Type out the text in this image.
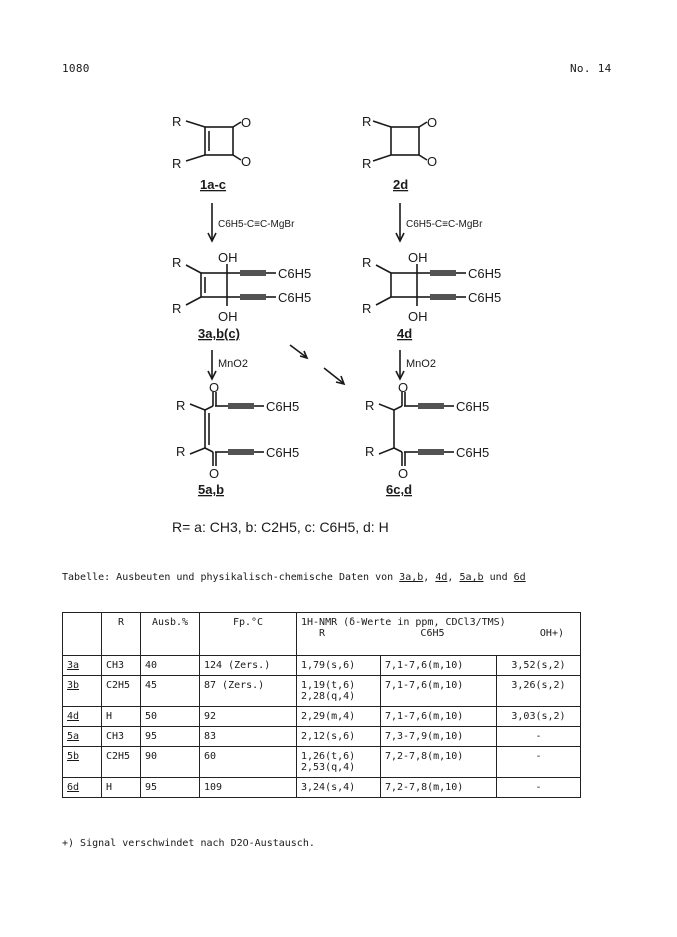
1080	No. 14
R
R
O
O
1a-c
R
R
O
O
2d
C6H5-C≡C-MgBr	C6H5-C≡C-MgBr
R
R
OH
OH
C6H5
C6H5
3a,b(c)
R
R
OH
OH
C6H5
C6H5
4d
MnO2	MnO2
R
R
O
O
C6H5
C6H5
5a,b
R
R
O
O
C6H5
C6H5
6c,d
R= a: CH3, b: C2H5, c: C6H5, d: H
Tabelle: Ausbeuten und physikalisch-chemische Daten von 3a,b, 4d, 5a,b und 6d
	R	Ausb.%	Fp.°C	1H-NMR (δ-Werte in ppm, CDCl3/TMS)
R C6H5 OH+)		

3a	CH3	40	124 (Zers.)	1,79(s,6)	7,1-7,6(m,10)	3,52(s,2)
3b	C2H5	45	87 (Zers.)	1,19(t,6)
2,28(q,4)	7,1-7,6(m,10)	3,26(s,2)
4d	H	50	92	2,29(m,4)	7,1-7,6(m,10)	3,03(s,2)
5a	CH3	95	83	2,12(s,6)	7,3-7,9(m,10)	-
5b	C2H5	90	60	1,26(t,6)
2,53(q,4)	7,2-7,8(m,10)	-
6d	H	95	109	3,24(s,4)	7,2-7,8(m,10)	-
+) Signal verschwindet nach D2O-Austausch.
